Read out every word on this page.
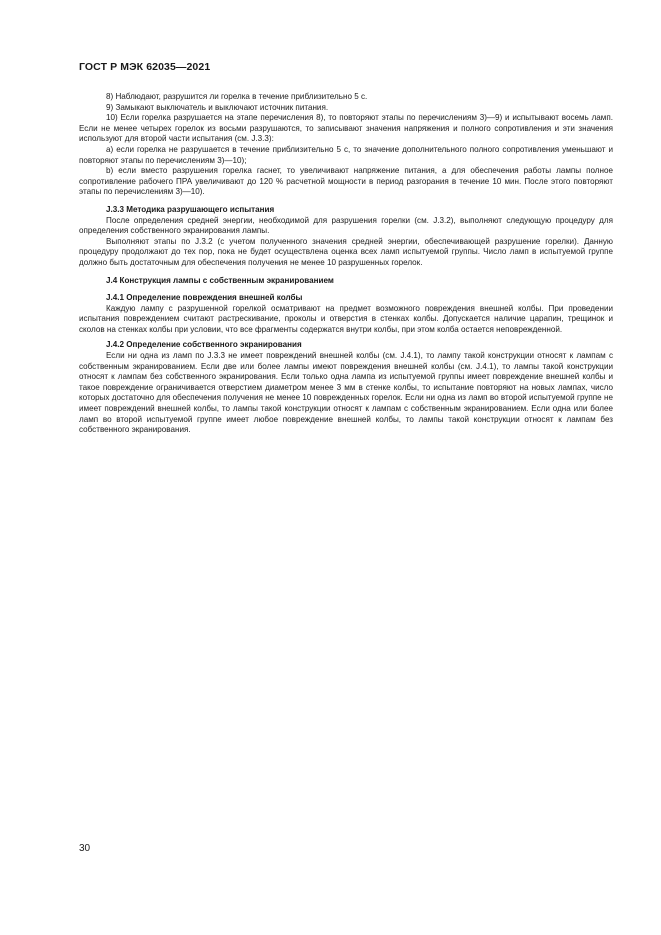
ГОСТ Р МЭК 62035—2021

8) Наблюдают, разрушится ли горелка в течение приблизительно 5 с.

9) Замыкают выключатель и выключают источник питания.

10) Если горелка разрушается на этапе перечисления 8), то повторяют этапы по перечислениям 3)—9) и испытывают восемь ламп. Если не менее четырех горелок из восьми разрушаются, то записывают значения напряжения и полного сопротивления и эти значения используют для второй части испытания (см. J.3.3):

a) если горелка не разрушается в течение приблизительно 5 с, то значение дополнительного полного сопротивления уменьшают и повторяют этапы по перечислениям 3)—10);

b) если вместо разрушения горелка гаснет, то увеличивают напряжение питания, а для обеспечения работы лампы полное сопротивление рабочего ПРА увеличивают до 120 % расчетной мощности в период разгорания в течение 10 мин. После этого повторяют этапы по перечислениям 3)—10).

J.3.3 Методика разрушающего испытания

После определения средней энергии, необходимой для разрушения горелки (см. J.3.2), выполняют следующую процедуру для определения собственного экранирования лампы.

Выполняют этапы по J.3.2 (с учетом полученного значения средней энергии, обеспечивающей разрушение горелки). Данную процедуру продолжают до тех пор, пока не будет осуществлена оценка всех ламп испытуемой группы. Число ламп в испытуемой группе должно быть достаточным для обеспечения получения не менее 10 разрушенных горелок.

J.4 Конструкция лампы с собственным экранированием

J.4.1 Определение повреждения внешней колбы

Каждую лампу с разрушенной горелкой осматривают на предмет возможного повреждения внешней колбы. При проведении испытания повреждением считают растрескивание, проколы и отверстия в стенках колбы. Допускается наличие царапин, трещинок и сколов на стенках колбы при условии, что все фрагменты содержатся внутри колбы, при этом колба остается неповрежденной.

J.4.2 Определение собственного экранирования

Если ни одна из ламп по J.3.3 не имеет повреждений внешней колбы (см. J.4.1), то лампу такой конструкции относят к лампам с собственным экранированием. Если две или более лампы имеют повреждения внешней колбы (см. J.4.1), то лампы такой конструкции относят к лампам без собственного экранирования. Если только одна лампа из испытуемой группы имеет повреждение внешней колбы и такое повреждение ограничивается отверстием диаметром менее 3 мм в стенке колбы, то испытание повторяют на новых лампах, число которых достаточно для обеспечения получения не менее 10 поврежденных горелок. Если ни одна из ламп во второй испытуемой группе не имеет повреждений внешней колбы, то лампы такой конструкции относят к лампам с собственным экранированием. Если одна или более ламп во второй испытуемой группе имеет любое повреждение внешней колбы, то лампы такой конструкции относят к лампам без собственного экранирования.

30
